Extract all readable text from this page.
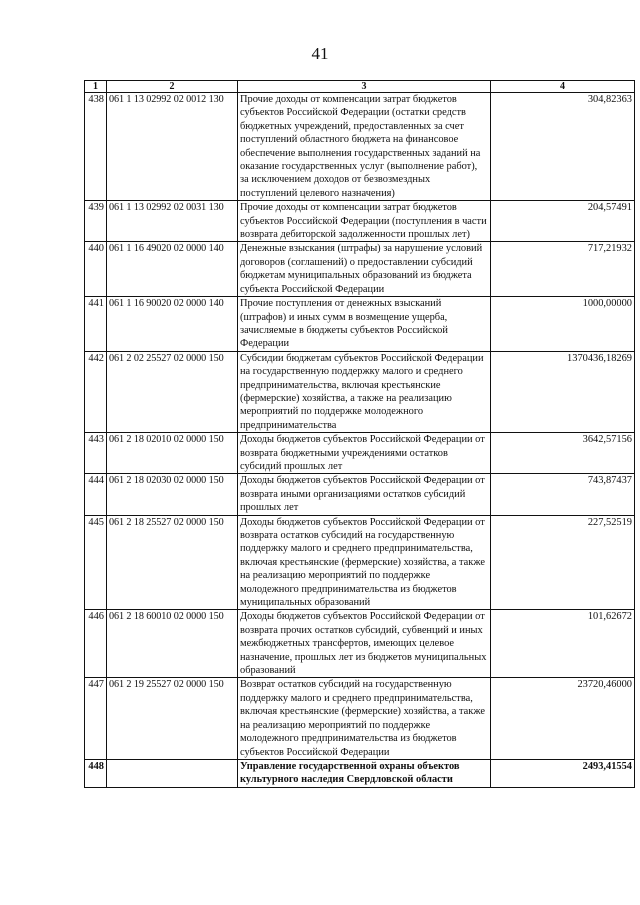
41
1	2	3	4
438	061 1 13 02992 02 0012 130	Прочие доходы от компенсации затрат бюджетов субъектов Российской Федерации (остатки средств бюджетных учреждений, предоставленных за счет поступлений областного бюджета на финансовое обеспечение выполнения государственных заданий на оказание государственных услуг (выполнение работ), за исключением доходов от безвозмездных поступлений целевого назначения)	304,82363
439	061 1 13 02992 02 0031 130	Прочие доходы от компенсации затрат бюджетов субъектов Российской Федерации (поступления в части возврата дебиторской задолженности прошлых лет)	204,57491
440	061 1 16 49020 02 0000 140	Денежные взыскания (штрафы) за нарушение условий договоров (соглашений) о предоставлении субсидий бюджетам муниципальных образований из бюджета субъекта Российской Федерации	717,21932
441	061 1 16 90020 02 0000 140	Прочие поступления от денежных взысканий (штрафов) и иных сумм в возмещение ущерба, зачисляемые в бюджеты субъектов Российской Федерации	1000,00000
442	061 2 02 25527 02 0000 150	Субсидии бюджетам субъектов Российской Федерации на государственную поддержку малого и среднего предпринимательства, включая крестьянские (фермерские) хозяйства, а также на реализацию мероприятий по поддержке молодежного предпринимательства	1370436,18269
443	061 2 18 02010 02 0000 150	Доходы бюджетов субъектов Российской Федерации от возврата бюджетными учреждениями остатков субсидий прошлых лет	3642,57156
444	061 2 18 02030 02 0000 150	Доходы бюджетов субъектов Российской Федерации от возврата иными организациями остатков субсидий прошлых лет	743,87437
445	061 2 18 25527 02 0000 150	Доходы бюджетов субъектов Российской Федерации от возврата остатков субсидий на государственную поддержку малого и среднего предпринимательства, включая крестьянские (фермерские) хозяйства, а также на реализацию мероприятий по поддержке молодежного предпринимательства из бюджетов муниципальных образований	227,52519
446	061 2 18 60010 02 0000 150	Доходы бюджетов субъектов Российской Федерации от возврата прочих остатков субсидий, субвенций и иных межбюджетных трансфертов, имеющих целевое назначение, прошлых лет из бюджетов муниципальных образований	101,62672
447	061 2 19 25527 02 0000 150	Возврат остатков субсидий на государственную поддержку малого и среднего предпринимательства, включая крестьянские (фермерские) хозяйства, а также на реализацию мероприятий по поддержке молодежного предпринимательства из бюджетов субъектов Российской Федерации	23720,46000
448		Управление государственной охраны объектов культурного наследия Свердловской области	2493,41554
